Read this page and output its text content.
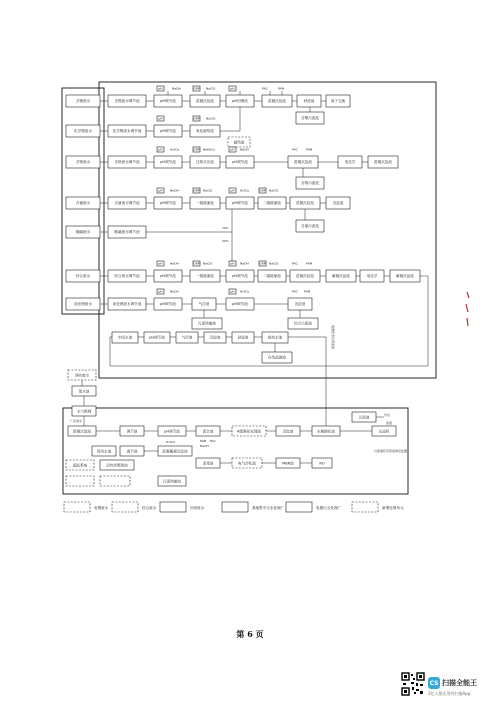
含镍废水
化学镍废水
含铬废水
含氰废水
酸碱废水
综合废水
前处理废水
含镍废水调节池	pH调节池	混凝沉淀池	pH回调池	混凝沉淀池	砂滤池	离子交换
pH	NaOH	ORP NaClO	pH	PAC	PAM
化学镍废水调节池	pH调节池	氧化破络池
破络池
含镍污泥池
pH	ORP NaClO
含铬废水调节池	pH调节池	还原反应池	pH调节池	混凝沉淀池	电化学	混凝沉淀池
含铬污泥池
pH H₂SO₄	ORP NaHSO₃	pH NaOH	PAC	PAM
含氰废水调节池	pH调节池	一级破氰池	pH调节池	二级破氰池	混凝沉淀池	沉淀池
含氰污泥池
pH NaOH	ORP NaClO	pH H₂SO₄	ORP NaClO
酸碱废水调节池
70%
30%
综合废水调节池	pH调节池	一级破氰池	pH调节池	二级破氰池	混凝沉淀池	絮凝沉淀池	电化学	絮凝沉淀池
pH NaOH	ORP NaClO	pH NaOH	ORP NaClO	PAC	PAM
前处理废水调节池	pH调节池	气浮池	pH调节池	沉淀池
污泥浓缩池	综合污泥池
pH NaOH	pH H₂SO₄	PAC PAM
中间水池	pH调节池	气浮池	沉淀池	砂滤池	排放水池
在线监测池
电镀废水处理系统
回收废水
集水池
水力筛网
混凝沉淀池	调节池	pH调节池	混合池	A级强化处理池	沉淀池	水解酸化池
污泥池
压滤机
调节池	混凝絮凝沉淀池
消毒池	电气浮化池	MBR池	RO
超滤系统	活性炭吸附池
回用水池
污泥浓缩池
H₂SO₄	PAM PAC
NaOH
广区排水
外运
浓液
污泥委托有资质单位处置
电镀废水	综合废水	回用废水	基地集中污水处理厂	电镀污水处理厂	新增处理单元
第 6 页
CS 扫描全能王
3亿人都在用的扫描App
